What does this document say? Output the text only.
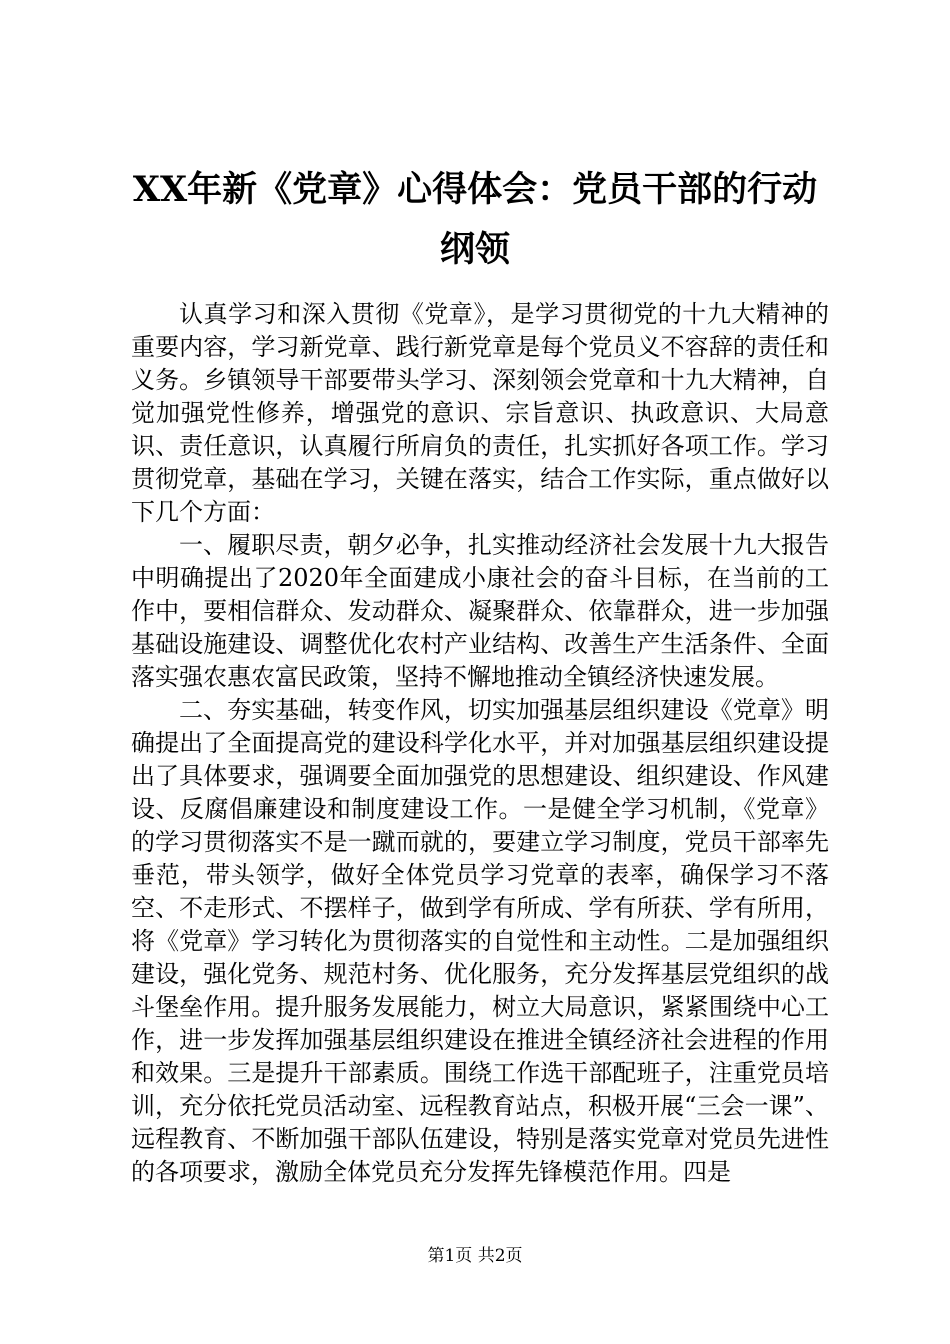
XX年新《党章》心得体会：党员干部的行动纲领

认真学习和深入贯彻《党章》，是学习贯彻党的十九大精神的重要内容，学习新党章、践行新党章是每个党员义不容辞的责任和义务。乡镇领导干部要带头学习、深刻领会党章和十九大精神，自觉加强党性修养，增强党的意识、宗旨意识、执政意识、大局意识、责任意识，认真履行所肩负的责任，扎实抓好各项工作。学习贯彻党章，基础在学习，关键在落实，结合工作实际，重点做好以下几个方面：

一、履职尽责，朝夕必争，扎实推动经济社会发展十九大报告中明确提出了2020年全面建成小康社会的奋斗目标，在当前的工作中，要相信群众、发动群众、凝聚群众、依靠群众，进一步加强基础设施建设、调整优化农村产业结构、改善生产生活条件、全面落实强农惠农富民政策，坚持不懈地推动全镇经济快速发展。

二、夯实基础，转变作风，切实加强基层组织建设《党章》明确提出了全面提高党的建设科学化水平，并对加强基层组织建设提出了具体要求，强调要全面加强党的思想建设、组织建设、作风建设、反腐倡廉建设和制度建设工作。一是健全学习机制，《党章》的学习贯彻落实不是一蹴而就的，要建立学习制度，党员干部率先垂范，带头领学，做好全体党员学习党章的表率，确保学习不落空、不走形式、不摆样子，做到学有所成、学有所获、学有所用，将《党章》学习转化为贯彻落实的自觉性和主动性。二是加强组织建设，强化党务、规范村务、优化服务，充分发挥基层党组织的战斗堡垒作用。提升服务发展能力，树立大局意识，紧紧围绕中心工作，进一步发挥加强基层组织建设在推进全镇经济社会进程的作用和效果。三是提升干部素质。围绕工作选干部配班子，注重党员培训，充分依托党员活动室、远程教育站点，积极开展“三会一课”、远程教育、不断加强干部队伍建设，特别是落实党章对党员先进性的各项要求，激励全体党员充分发挥先锋模范作用。四是

第1页 共2页
